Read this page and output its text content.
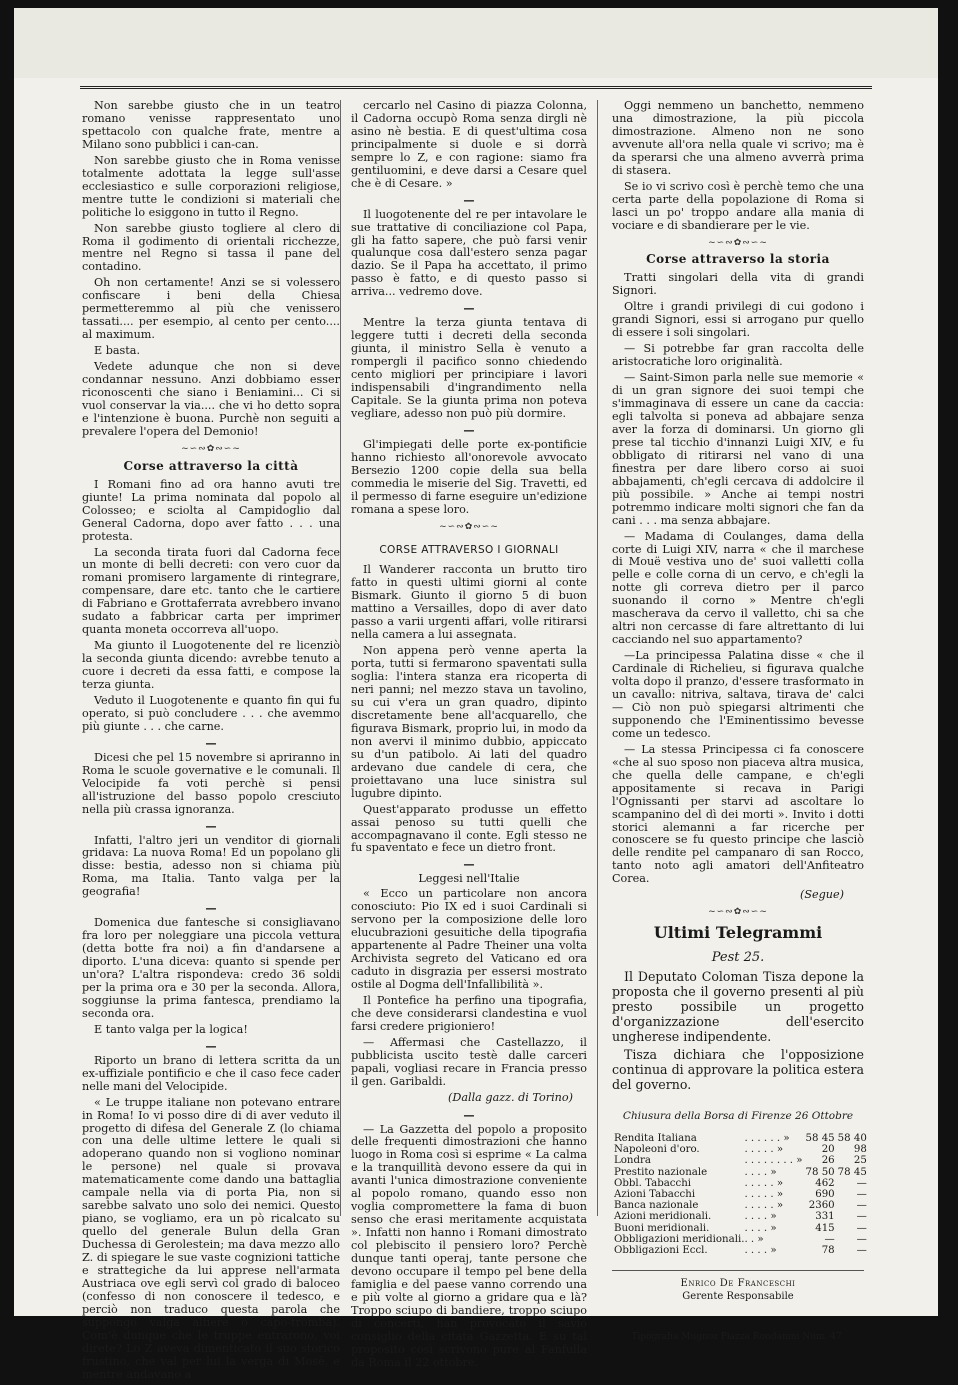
Non sarebbe giusto che in un teatro romano venisse rappresentato uno spettacolo con qualche frate, mentre a Milano sono pubblici i can-can.

Non sarebbe giusto che in Roma venisse totalmente adottata la legge sull'asse ecclesiastico e sulle corporazioni religiose, mentre tutte le condizioni si materiali che politiche lo esiggono in tutto il Regno.

Non sarebbe giusto togliere al clero di Roma il godimento di orientali ricchezze, mentre nel Regno si tassa il pane del contadino.

Oh non certamente! Anzi se si volessero confiscare i beni della Chiesa permetteremmo al più che venissero tassati.... per esempio, al cento per cento.... al maximum.

E basta.

Vedete adunque che non si deve condannar nessuno. Anzi dobbiamo esser riconoscenti che siano i Beniamini... Ci si vuol conservar la via.... che vi ho detto sopra e l'intenzione è buona. Purchè non seguiti a prevalere l'opera del Demonio!

~∽∾✿∾∽~
Corse attraverso la città

I Romani fino ad ora hanno avuti tre giunte! La prima nominata dal popolo al Colosseo; e sciolta al Campidoglio dal General Cadorna, dopo aver fatto . . . una protesta.

La seconda tirata fuori dal Cadorna fece un monte di belli decreti: con vero cuor da romani promisero largamente di rintegrare, compensare, dare etc. tanto che le cartiere di Fabriano e Grottaferrata avrebbero invano sudato a fabbricar carta per imprimer quanta moneta occorreva all'uopo.

Ma giunto il Luogotenente del re licenziò la seconda giunta dicendo: avrebbe tenuto a cuore i decreti da essa fatti, e compose la terza giunta.

Veduto il Luogotenente e quanto fin qui fu operato, si può concludere . . . che avemmo più giunte . . . che carne.

—

Dicesi che pel 15 novembre si apriranno in Roma le scuole governative e le comunali. Il Velocipide fa voti perchè si pensi all'istruzione del basso popolo cresciuto nella più crassa ignoranza.

—

Infatti, l'altro jeri un venditor di giornali gridava: La nuova Roma! Ed un popolano gli disse: bestia, adesso non si chiama più Roma, ma Italia. Tanto valga per la geografia!

—

Domenica due fantesche si consigliavano fra loro per noleggiare una piccola vettura (detta botte fra noi) a fin d'andarsene a diporto. L'una diceva: quanto si spende per un'ora? L'altra rispondeva: credo 36 soldi per la prima ora e 30 per la seconda. Allora, soggiunse la prima fantesca, prendiamo la seconda ora.

E tanto valga per la logica!

—

Riporto un brano di lettera scritta da un ex-uffiziale pontificio e che il caso fece cader nelle mani del Velocipide.

« Le truppe italiane non potevano entrare in Roma! Io vi posso dire di di aver veduto il progetto di difesa del Generale Z (lo chiama con una delle ultime lettere le quali si adoperano quando non si vogliono nominar le persone) nel quale si provava matematicamente come dando una battaglia campale nella via di porta Pia, non si sarebbe salvato uno solo dei nemici. Questo piano, se vogliamo, era un pò ricalcato su quello del generale Bulun della Gran Duchessa di Gerolestein; ma dava mezzo allo Z. di spiegare le sue vaste cognizioni tattiche e strattegiche da lui apprese nell'armata Austriaca ove egli servì col grado di baloceo (confesso di non conoscere il tedesco, e perciò non traduco questa parola che suppongo valga alfiere o capo-tromba). Com'è dunque che le truppe entrarono, voi direte? Lo Z aveva dimenticato il suo storico frustino, che val per lui la verga di Mosè, e mentre andavano a

cercarlo nel Casino di piazza Colonna, il Cadorna occupò Roma senza dirgli nè asino nè bestia. E di quest'ultima cosa principalmente si duole e si dorrà sempre lo Z, e con ragione: siamo fra gentiluomini, e deve darsi a Cesare quel che è di Cesare. »

—

Il luogotenente del re per intavolare le sue trattative di conciliazione col Papa, gli ha fatto sapere, che può farsi venir qualunque cosa dall'estero senza pagar dazio. Se il Papa ha accettato, il primo passo è fatto, e di questo passo si arriva... vedremo dove.

—

Mentre la terza giunta tentava di leggere tutti i decreti della seconda giunta, il ministro Sella è venuto a rompergli il pacifico sonno chiedendo cento migliori per principiare i lavori indispensabili d'ingrandimento nella Capitale. Se la giunta prima non poteva vegliare, adesso non può più dormire.

—

Gl'impiegati delle porte ex-pontificie hanno richiesto all'onorevole avvocato Bersezio 1200 copie della sua bella commedia le miserie del Sig. Travetti, ed il permesso di farne eseguire un'edizione romana a spese loro.

~∽∾✿∾∽~
CORSE ATTRAVERSO I GIORNALI

Il Wanderer racconta un brutto tiro fatto in questi ultimi giorni al conte Bismark. Giunto il giorno 5 di buon mattino a Versailles, dopo di aver dato passo a varii urgenti affari, volle ritirarsi nella camera a lui assegnata.

Non appena però venne aperta la porta, tutti si fermarono spaventati sulla soglia: l'intera stanza era ricoperta di neri panni; nel mezzo stava un tavolino, su cui v'era un gran quadro, dipinto discretamente bene all'acquarello, che figurava Bismark, proprio lui, in modo da non avervi il minimo dubbio, appiccato su d'un patibolo. Ai lati del quadro ardevano due candele di cera, che proiettavano una luce sinistra sul lugubre dipinto.

Quest'apparato produsse un effetto assai penoso su tutti quelli che accompagnavano il conte. Egli stesso ne fu spaventato e fece un dietro front.

—
Leggesi nell'Italie

« Ecco un particolare non ancora conosciuto: Pio IX ed i suoi Cardinali si servono per la composizione delle loro elucubrazioni gesuitiche della tipografia appartenente al Padre Theiner una volta Archivista segreto del Vaticano ed ora caduto in disgrazia per essersi mostrato ostile al Dogma dell'Infallibilità ».

Il Pontefice ha perfino una tipografia, che deve considerarsi clandestina e vuol farsi credere prigioniero!

— Affermasi che Castellazzo, il pubblicista uscito testè dalle carceri papali, vogliasi recare in Francia presso il gen. Garibaldi.

(Dalla gazz. di Torino)
—

— La Gazzetta del popolo a proposito delle frequenti dimostrazioni che hanno luogo in Roma così si esprime « La calma e la tranquillità devono essere da qui in avanti l'unica dimostrazione conveniente al popolo romano, quando esso non voglia compromettere la fama di buon senso che erasi meritamente acquistata ». Infatti non hanno i Romani dimostrato col plebiscito il pensiero loro? Perchè dunque tanti operaj, tante persone che devono occupare il tempo pel bene della famiglia e del paese vanno correndo una e più volte al giorno a gridare qua e là? Troppo sciupo di bandiere, troppo sciupo di concerti, han provocato il savio consiglio della citata Gazzetta. E su tal proposito così scrivono pure al Fanfulla da Roma il 22 ottobre.

Oggi nemmeno un banchetto, nemmeno una dimostrazione, la più piccola dimostrazione. Almeno non ne sono avvenute all'ora nella quale vi scrivo; ma è da sperarsi che una almeno avverrà prima di stasera.

Se io vi scrivo così è perchè temo che una certa parte della popolazione di Roma si lasci un po' troppo andare alla mania di vociare e di sbandierare per le vie.

~∽∾✿∾∽~
Corse attraverso la storia

Tratti singolari della vita di grandi Signori.

Oltre i grandi privilegi di cui godono i grandi Signori, essi si arrogano pur quello di essere i soli singolari.

— Si potrebbe far gran raccolta delle aristocratiche loro originalità.

— Saint-Simon parla nelle sue memorie « di un gran signore dei suoi tempi che s'immaginava di essere un cane da caccia: egli talvolta si poneva ad abbajare senza aver la forza di dominarsi. Un giorno gli prese tal ticchio d'innanzi Luigi XIV, e fu obbligato di ritirarsi nel vano di una finestra per dare libero corso ai suoi abbajamenti, ch'egli cercava di addolcire il più possibile. » Anche ai tempi nostri potremmo indicare molti signori che fan da cani . . . ma senza abbajare.

— Madama di Coulanges, dama della corte di Luigi XIV, narra « che il marchese di Mouë vestiva uno de' suoi valletti colla pelle e colle corna di un cervo, e ch'egli la notte gli correva dietro per il parco suonando il corno » Mentre ch'egli mascherava da cervo il valletto, chi sa che altri non cercasse di fare altrettanto di lui cacciando nel suo appartamento?

—La principessa Palatina disse « che il Cardinale di Richelieu, si figurava qualche volta dopo il pranzo, d'essere trasformato in un cavallo: nitriva, saltava, tirava de' calci — Ciò non può spiegarsi altrimenti che supponendo che l'Eminentissimo bevesse come un tedesco.

— La stessa Principessa ci fa conoscere «che al suo sposo non piaceva altra musica, che quella delle campane, e ch'egli appositamente si recava in Parigi l'Ognissanti per starvi ad ascoltare lo scampanino del dì dei morti ». Invito i dotti storici alemanni a far ricerche per conoscere se fu questo principe che lasciò delle rendite pel campanaro di san Rocco, tanto noto agli amatori dell'Anfiteatro Corea.

(Segue)
~∽∾✿∾∽~
Ultimi Telegrammi
Pest 25.

Il Deputato Coloman Tisza depone la proposta che il governo presenti al più presto possibile un progetto d'organizzazione dell'esercito ungherese indipendente.

Tisza dichiara che l'opposizione continua di approvare la politica estera del governo.

Chiusura della Borsa di Firenze 26 Ottobre
Rendita Italiana	. . . . . . »	58 45	58 40
Napoleoni d'oro.	. . . . . »	20	98
Londra	. . . . . . . . »	26	25
Prestito nazionale	. . . . »	78 50	78 45
Obbl. Tabacchi	. . . . . »	462	—
Azioni Tabacchi	. . . . . »	690	—
Banca nazionale	. . . . . »	2360	—
Azioni meridionali.	. . . . »	331	—
Buoni meridionali.	. . . . »	415	—
Obbligazioni meridionali.	. . »	—	—
Obbligazioni Eccl.	. . . . »	78	—
Enrico De Franceschi
Gerente Responsabile
Tipografia Mugnoz Piazza Rondanini Num. 47.
